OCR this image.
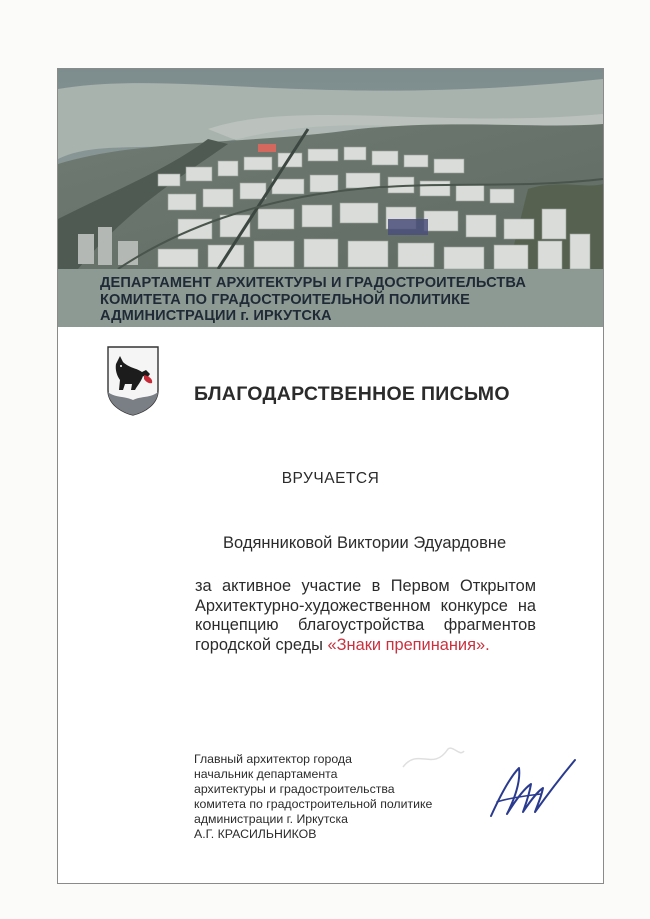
ДЕПАРТАМЕНТ АРХИТЕКТУРЫ И ГРАДОСТРОИТЕЛЬСТВА
КОМИТЕТА ПО ГРАДОСТРОИТЕЛЬНОЙ ПОЛИТИКЕ
АДМИНИСТРАЦИИ г. ИРКУТСКА
БЛАГОДАРСТВЕННОЕ ПИСЬМО
ВРУЧАЕТСЯ
Водянниковой Виктории Эдуардовне
за активное участие в Первом Открытом
Архитектурно-художественном конкурсе на
концепцию благоустройства фрагментов
городской среды «Знаки препинания».
Главный архитектор города
начальник департамента
архитектуры и градостроительства
комитета по градостроительной политике
администрации г. Иркутска
А.Г. КРАСИЛЬНИКОВ
